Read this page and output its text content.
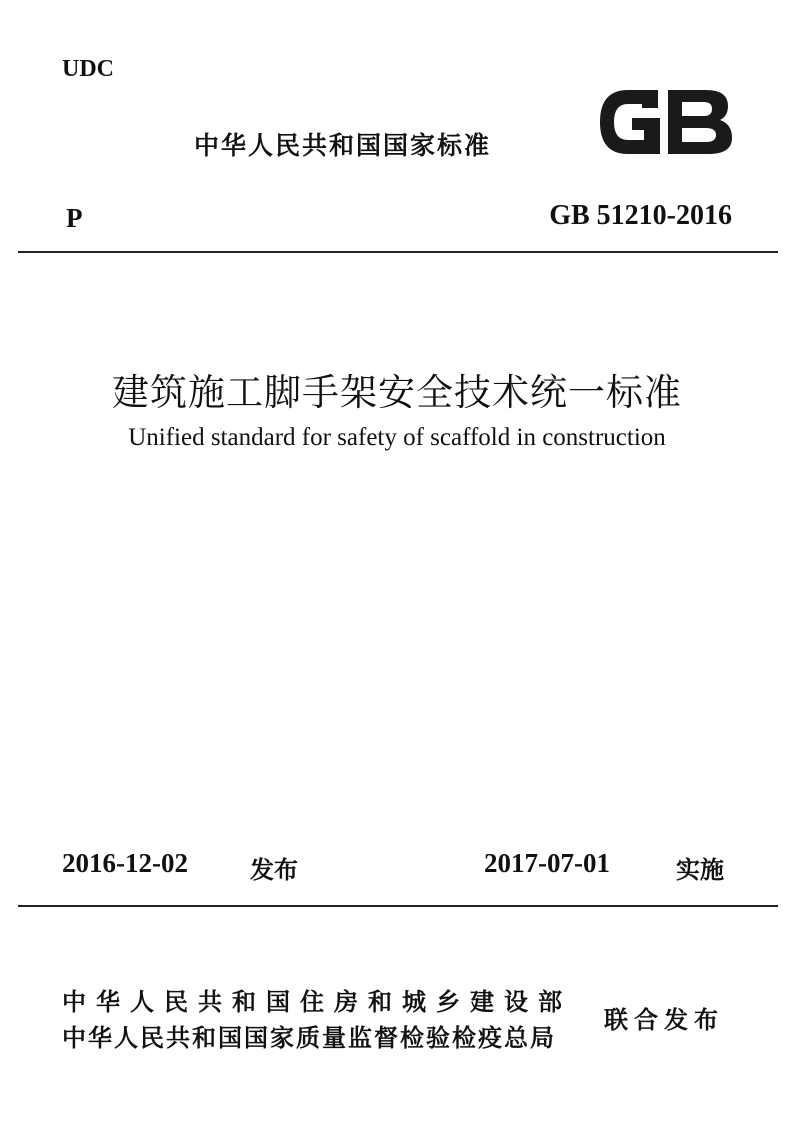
UDC
中华人民共和国国家标准
P	GB 51210-2016
建筑施工脚手架安全技术统一标准
Unified standard for safety of scaffold in construction
2016-12-02	发布	2017-07-01	实施
中华人民共和国住房和城乡建设部
中华人民共和国国家质量监督检验检疫总局
联合发布
